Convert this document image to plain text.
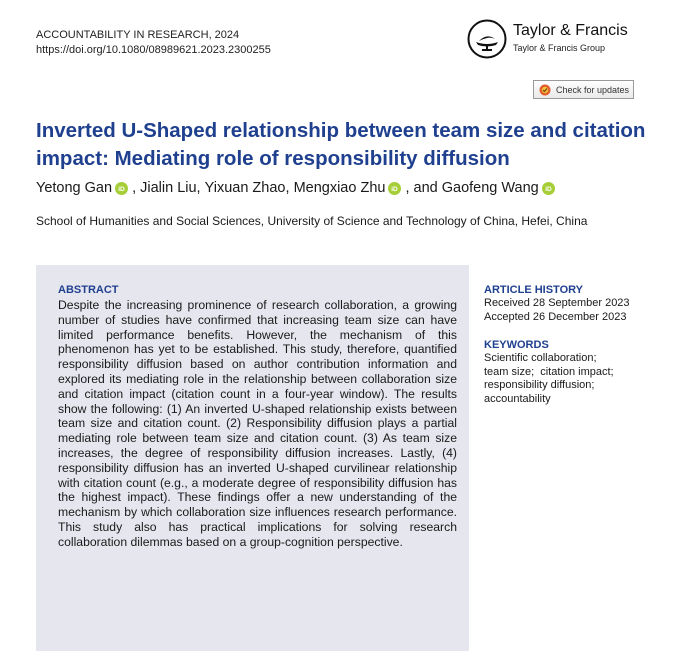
ACCOUNTABILITY IN RESEARCH, 2024
https://doi.org/10.1080/08989621.2023.2300255
Taylor & Francis
Taylor & Francis Group
Check for updates
Inverted U-Shaped relationship between team size and citation impact: Mediating role of responsibility diffusion
Yetong Gan iD , Jialin Liu , Yixuan Zhao , Mengxiao Zhu iD , and Gaofeng Wang iD
School of Humanities and Social Sciences, University of Science and Technology of China, Hefei, China
ABSTRACT
Despite the increasing prominence of research collaboration, a growing number of studies have confirmed that increasing team size can have limited performance benefits. However, the mechanism of this phenomenon has yet to be established. This study, therefore, quantified responsibility diffusion based on author contribution information and explored its mediating role in the relationship between collaboration size and citation impact (citation count in a four-year window). The results show the following: (1) An inverted U-shaped relationship exists between team size and citation count. (2) Responsibility diffusion plays a partial mediating role between team size and citation count. (3) As team size increases, the degree of responsibility diffusion increases. Lastly, (4) responsibility diffusion has an inverted U-shaped curvilinear relationship with citation count (e.g., a moderate degree of responsibility diffusion has the highest impact). These findings offer a new understanding of the mechanism by which collaboration size influences research performance. This study also has practical implications for solving research collaboration dilemmas based on a group-cognition perspective.
ARTICLE HISTORY
Received 28 September 2023
Accepted 26 December 2023
KEYWORDS
Scientific collaboration;
team size;  citation impact;
responsibility diffusion;
accountability
